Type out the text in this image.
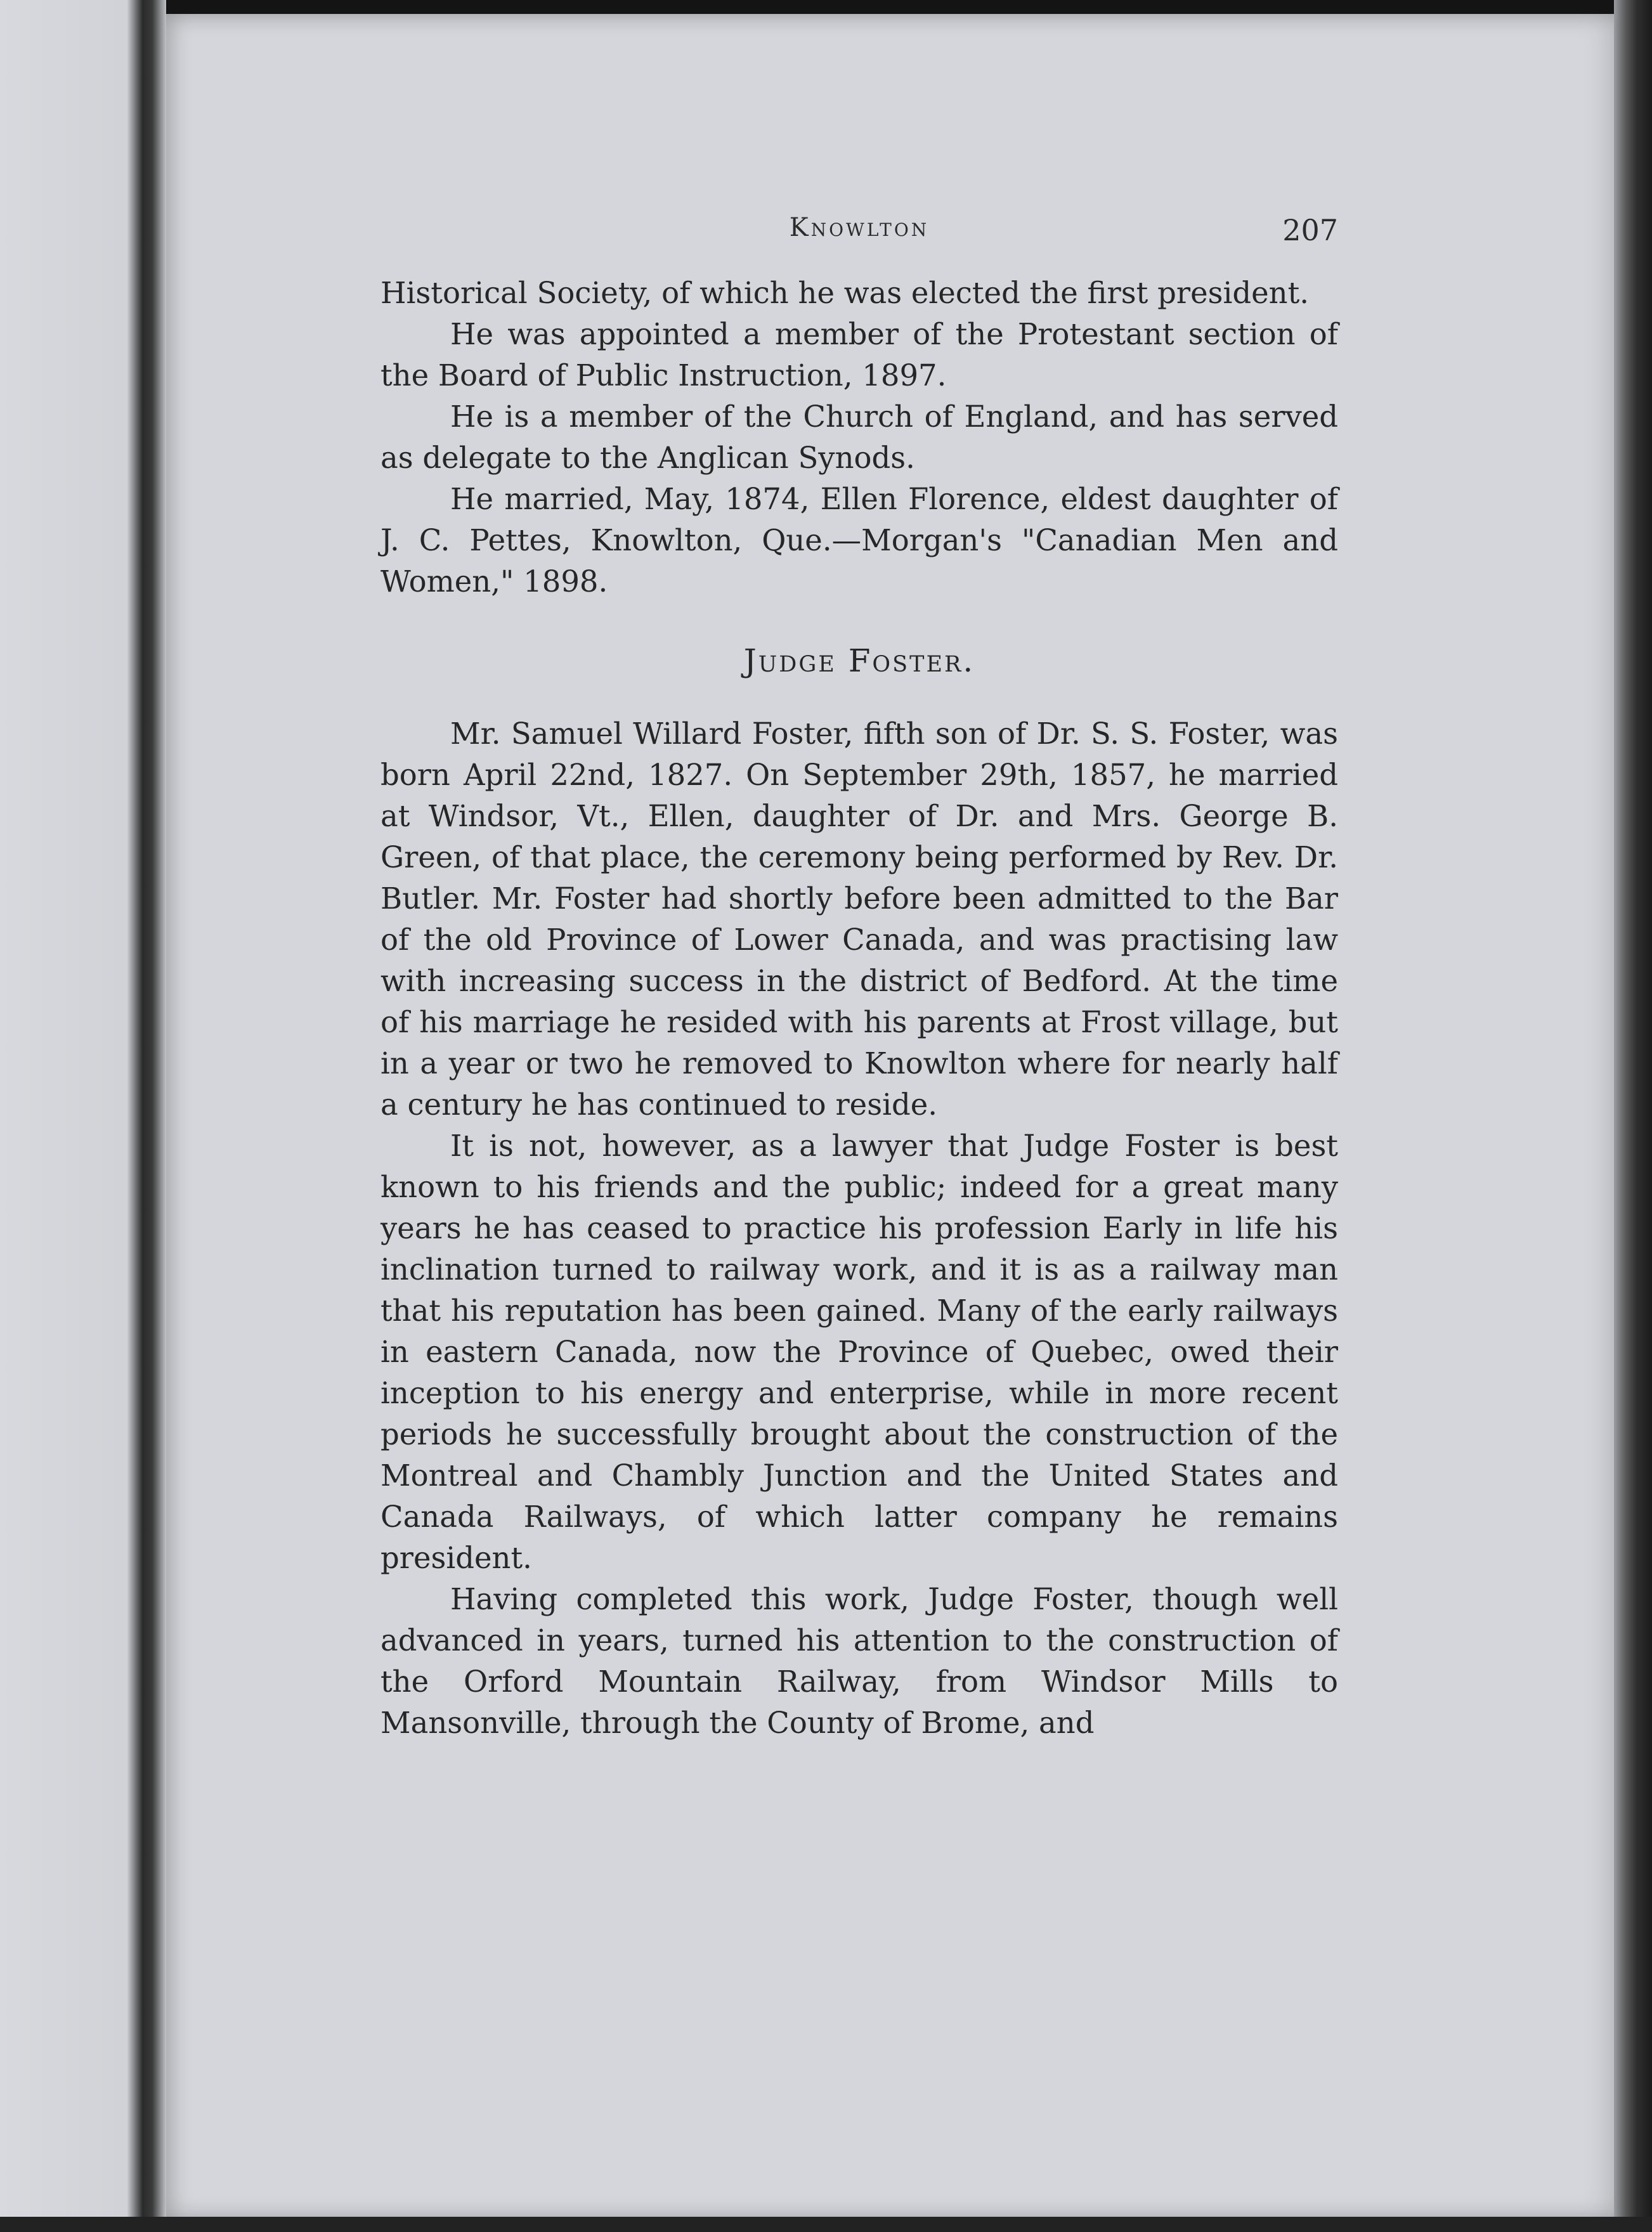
Knowlton	207

Historical Society, of which he was elected the first president.

He was appointed a member of the Protestant section of the Board of Public Instruction, 1897.

He is a member of the Church of England, and has served as delegate to the Anglican Synods.

He married, May, 1874, Ellen Florence, eldest daughter of J. C. Pettes, Knowlton, Que.—Morgan's "Canadian Men and Women," 1898.

Judge Foster.

Mr. Samuel Willard Foster, fifth son of Dr. S. S. Foster, was born April 22nd, 1827. On September 29th, 1857, he married at Windsor, Vt., Ellen, daughter of Dr. and Mrs. George B. Green, of that place, the ceremony being performed by Rev. Dr. Butler. Mr. Foster had shortly before been admitted to the Bar of the old Province of Lower Canada, and was practising law with increasing success in the district of Bedford. At the time of his marriage he resided with his parents at Frost village, but in a year or two he removed to Knowlton where for nearly half a century he has continued to reside.

It is not, however, as a lawyer that Judge Foster is best known to his friends and the public; indeed for a great many years he has ceased to practice his profession Early in life his inclination turned to railway work, and it is as a railway man that his reputation has been gained. Many of the early railways in eastern Canada, now the Province of Quebec, owed their inception to his energy and enterprise, while in more recent periods he successfully brought about the construction of the Montreal and Chambly Junction and the United States and Canada Railways, of which latter company he remains president.

Having completed this work, Judge Foster, though well advanced in years, turned his attention to the construction of the Orford Mountain Railway, from Windsor Mills to Mansonville, through the County of Brome, and
